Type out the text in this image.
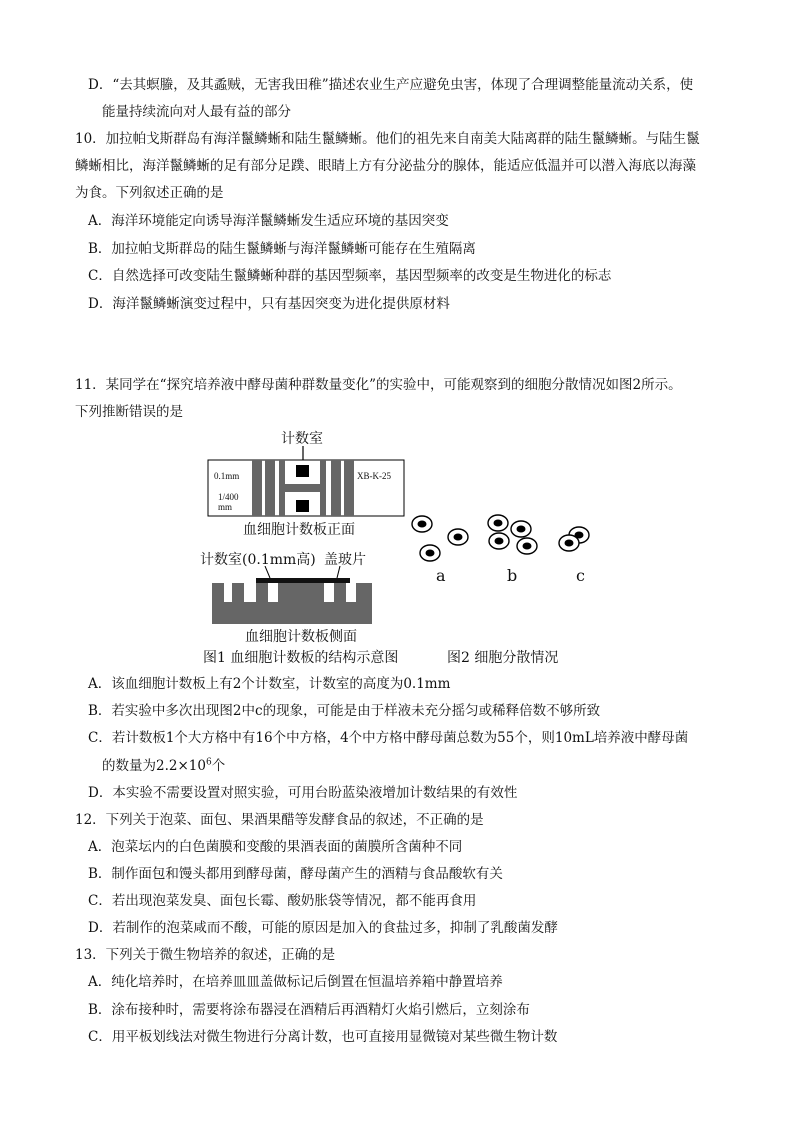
D．“去其螟螣，及其蟊贼，无害我田稚”描述农业生产应避免虫害，体现了合理调整能量流动关系，使
能量持续流向对人最有益的部分
10．加拉帕戈斯群岛有海洋鬣鳞蜥和陆生鬣鳞蜥。他们的祖先来自南美大陆离群的陆生鬣鳞蜥。与陆生鬣
鳞蜥相比，海洋鬣鳞蜥的足有部分足蹼、眼睛上方有分泌盐分的腺体，能适应低温并可以潜入海底以海藻
为食。下列叙述正确的是
A．海洋环境能定向诱导海洋鬣鳞蜥发生适应环境的基因突变
B．加拉帕戈斯群岛的陆生鬣鳞蜥与海洋鬣鳞蜥可能存在生殖隔离
C．自然选择可改变陆生鬣鳞蜥种群的基因型频率，基因型频率的改变是生物进化的标志
D．海洋鬣鳞蜥演变过程中，只有基因突变为进化提供原材料
11．某同学在“探究培养液中酵母菌种群数量变化”的实验中，可能观察到的细胞分散情况如图2所示。
下列推断错误的是
计数室
0.1mm
1/400
mm
XB-K-25
血细胞计数板正面
计数室(0.1mm高) 盖玻片
血细胞计数板侧面
a	b	c
图1 血细胞计数板的结构示意图	图2 细胞分散情况
A．该血细胞计数板上有2个计数室，计数室的高度为0.1mm
B．若实验中多次出现图2中c的现象，可能是由于样液未充分摇匀或稀释倍数不够所致
C．若计数板1个大方格中有16个中方格，4个中方格中酵母菌总数为55个，则10mL培养液中酵母菌
的数量为$2.2\times 10^6$个
D．本实验不需要设置对照实验，可用台盼蓝染液增加计数结果的有效性
12．下列关于泡菜、面包、果酒果醋等发酵食品的叙述，不正确的是
A．泡菜坛内的白色菌膜和变酸的果酒表面的菌膜所含菌种不同
B．制作面包和馒头都用到酵母菌，酵母菌产生的酒精与食品酸软有关
C．若出现泡菜发臭、面包长霉、酸奶胀袋等情况，都不能再食用
D．若制作的泡菜咸而不酸，可能的原因是加入的食盐过多，抑制了乳酸菌发酵
13．下列关于微生物培养的叙述，正确的是
A．纯化培养时，在培养皿皿盖做标记后倒置在恒温培养箱中静置培养
B．涂布接种时，需要将涂布器浸在酒精后再酒精灯火焰引燃后，立刻涂布
C．用平板划线法对微生物进行分离计数，也可直接用显微镜对某些微生物计数
